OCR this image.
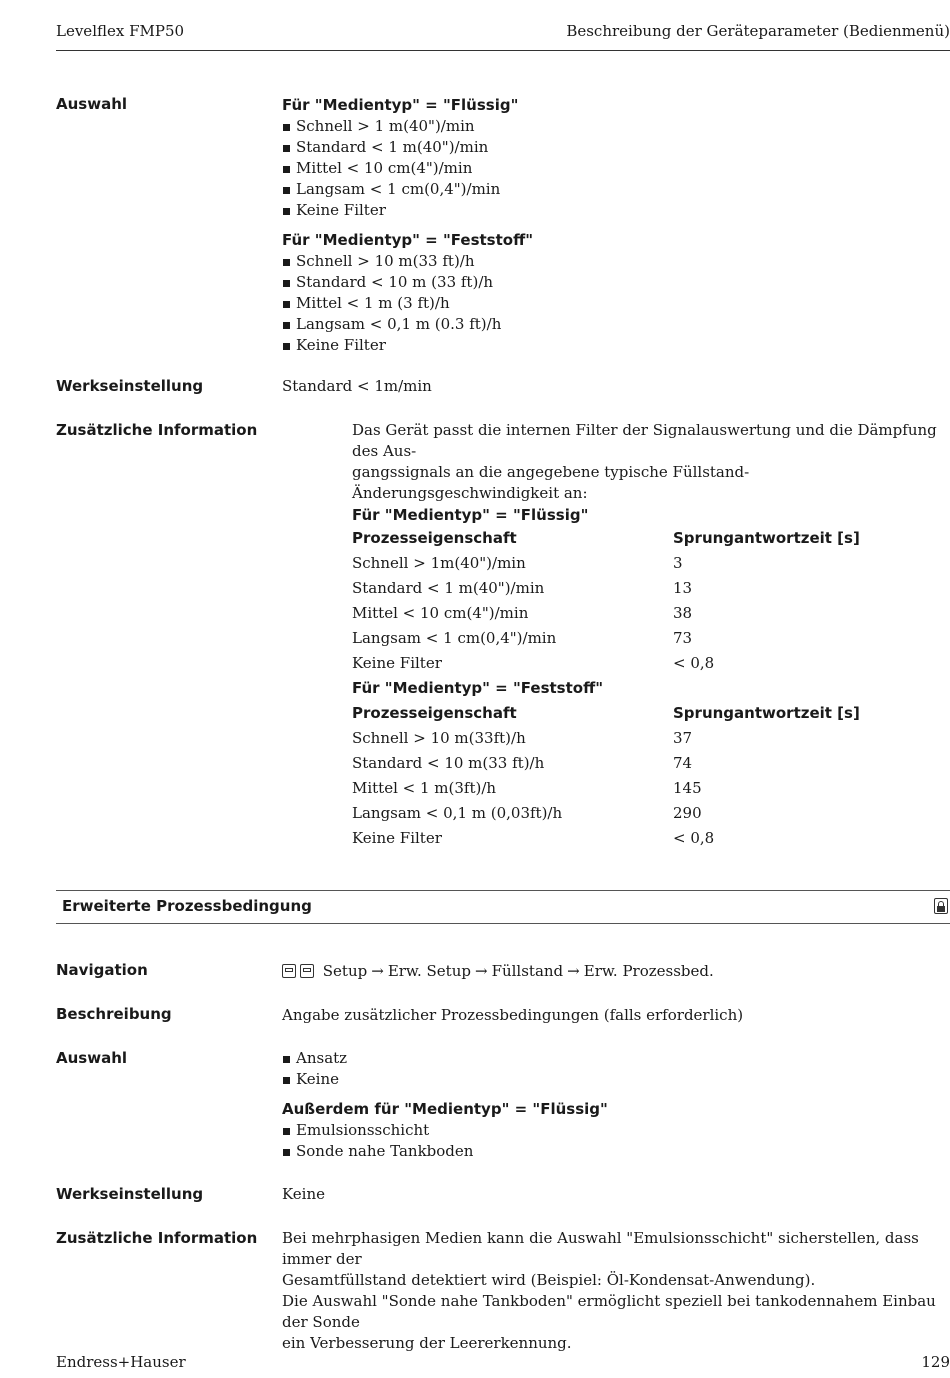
Levelflex FMP50	Beschreibung der Geräteparameter (Bedienmenü)
Auswahl	Für "Medientyp" = "Flüssig"
Schnell > 1 m(40")/min
Standard < 1 m(40")/min
Mittel < 10 cm(4")/min
Langsam < 1 cm(0,4")/min
Keine Filter
Für "Medientyp" = "Feststoff"
Schnell > 10 m(33 ft)/h
Standard < 10 m (33 ft)/h
Mittel < 1 m (3 ft)/h
Langsam < 0,1 m (0.3 ft)/h
Keine Filter
Werkseinstellung	Standard < 1m/min
Zusätzliche Information	Das Gerät passt die internen Filter der Signalauswertung und die Dämpfung des Aus-

gangssignals an die angegebene typische Füllstand-Änderungsgeschwindigkeit an:

Für "Medientyp" = "Flüssig"
Prozesseigenschaft	Sprungantwortzeit [s]
Schnell > 1m(40")/min	3
Standard < 1 m(40")/min	13
Mittel < 10 cm(4")/min	38
Langsam < 1 cm(0,4")/min	73
Keine Filter	< 0,8
Für "Medientyp" = "Feststoff"
Prozesseigenschaft	Sprungantwortzeit [s]
Schnell > 10 m(33ft)/h	37
Standard < 10 m(33 ft)/h	74
Mittel < 1 m(3ft)/h	145
Langsam < 0,1 m (0,03ft)/h	290
Keine Filter	< 0,8
Erweiterte Prozessbedingung
Navigation	Setup → Erw. Setup → Füllstand → Erw. Prozessbed.
Beschreibung	Angabe zusätzlicher Prozessbedingungen (falls erforderlich)
Auswahl	Ansatz
Keine
Außerdem für "Medientyp" = "Flüssig"
Emulsionsschicht
Sonde nahe Tankboden
Werkseinstellung	Keine
Zusätzliche Information Bei mehrphasigen Medien kann die Auswahl "Emulsionsschicht" sicherstellen, dass immer der
Gesamtfüllstand detektiert wird (Beispiel: Öl-Kondensat-Anwendung).
Die Auswahl "Sonde nahe Tankboden" ermöglicht speziell bei tankodennahem Einbau der Sonde
ein Verbesserung der Leererkennung.
Endress+Hauser	129
